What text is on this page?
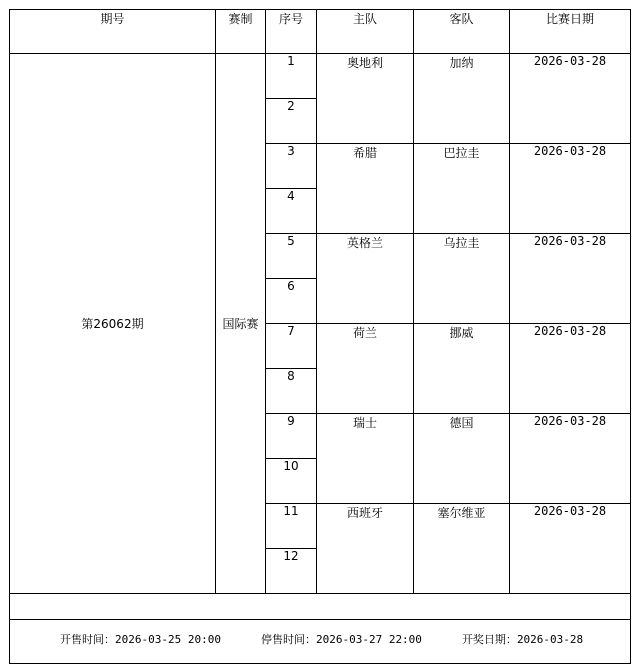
期号	赛制	序号	主队	客队	比赛日期
第26062期	国际赛	1	奥地利	加纳	2026-03-28
		2			
		3	希腊	巴拉圭	2026-03-28
		4			
		5	英格兰	乌拉圭	2026-03-28
		6			
		7	荷兰	挪威	2026-03-28
		8			
		9	瑞士	德国	2026-03-28
		10			
		11	西班牙	塞尔维亚	2026-03-28
		12			

开售时间：2026-03-25 20:00 停售时间：2026-03-27 22:00 开奖日期：2026-03-28					
